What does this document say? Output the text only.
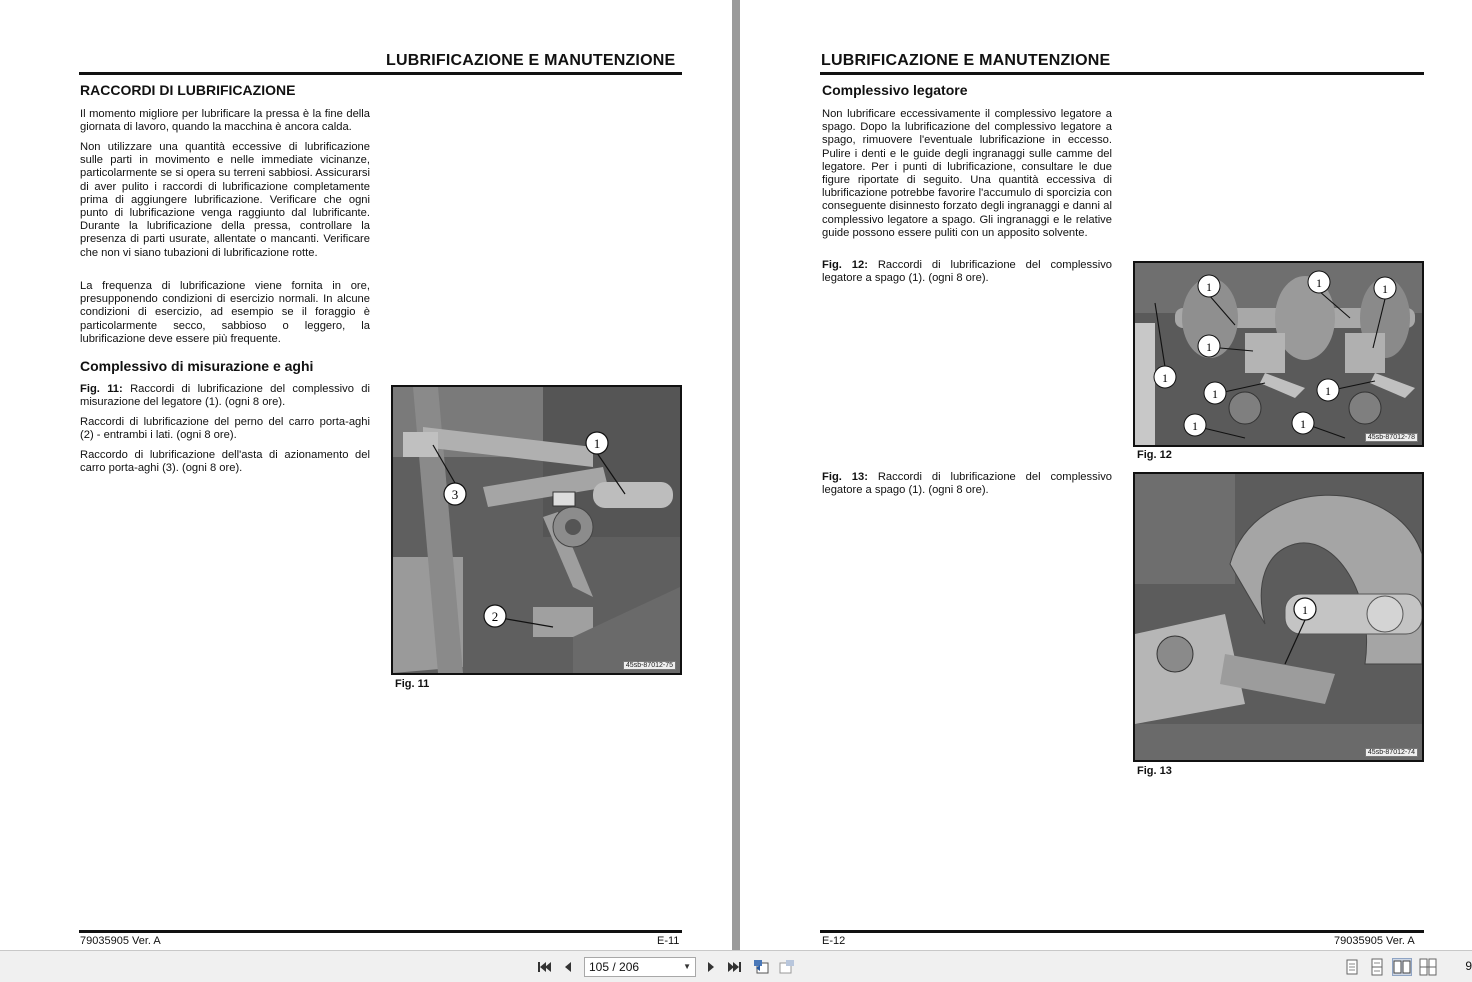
LUBRIFICAZIONE E MANUTENZIONE
RACCORDI DI LUBRIFICAZIONE
Il momento migliore per lubrificare la pressa è la fine della giornata di lavoro, quando la macchina è ancora calda.
Non utilizzare una quantità eccessive di lubrificazione sulle parti in movimento e nelle immediate vicinanze, particolarmente se si opera su terreni sabbiosi. Assicurarsi di aver pulito i raccordi di lubrificazione completamente prima di aggiungere lubrificazione. Verificare che ogni punto di lubrificazione venga raggiunto dal lubrificante. Durante la lubrificazione della pressa, controllare la presenza di parti usurate, allentate o mancanti. Verificare che non vi siano tubazioni di lubrificazione rotte.
La frequenza di lubrificazione viene fornita in ore, presupponendo condizioni di esercizio normali. In alcune condizioni di esercizio, ad esempio se il foraggio è particolarmente secco, sabbioso o leggero, la lubrificazione deve essere più frequente.
Complessivo di misurazione e aghi
Fig. 11: Raccordi di lubrificazione del complessivo di misurazione del legatore (1). (ogni 8 ore).
Raccordi di lubrificazione del perno del carro porta-aghi (2) - entrambi i lati. (ogni 8 ore).
Raccordo di lubrificazione dell'asta di azionamento del carro porta-aghi (3). (ogni 8 ore).
1
2
3
45sb-87012-75
Fig. 11
79035905 Ver. A	E-11
LUBRIFICAZIONE E MANUTENZIONE
Complessivo legatore
Non lubrificare eccessivamente il complessivo legatore a spago. Dopo la lubrificazione del complessivo legatore a spago, rimuovere l'eventuale lubrificazione in eccesso. Pulire i denti e le guide degli ingranaggi sulle camme del legatore. Per i punti di lubrificazione, consultare le due figure riportate di seguito. Una quantità eccessiva di lubrificazione potrebbe favorire l'accumulo di sporcizia con conseguente disinnesto forzato degli ingranaggi e danni al complessivo legatore a spago. Gli ingranaggi e le relative guide possono essere puliti con un apposito solvente.
Fig. 12: Raccordi di lubrificazione del complessivo legatore a spago (1). (ogni 8 ore).
1	1	1
1
1
1	1
1	1
45sb-87012-78
Fig. 12
Fig. 13: Raccordi di lubrificazione del complessivo legatore a spago (1). (ogni 8 ore).
1
45sb-87012-74
Fig. 13
E-12	79035905 Ver. A
105 / 206	▼	9
